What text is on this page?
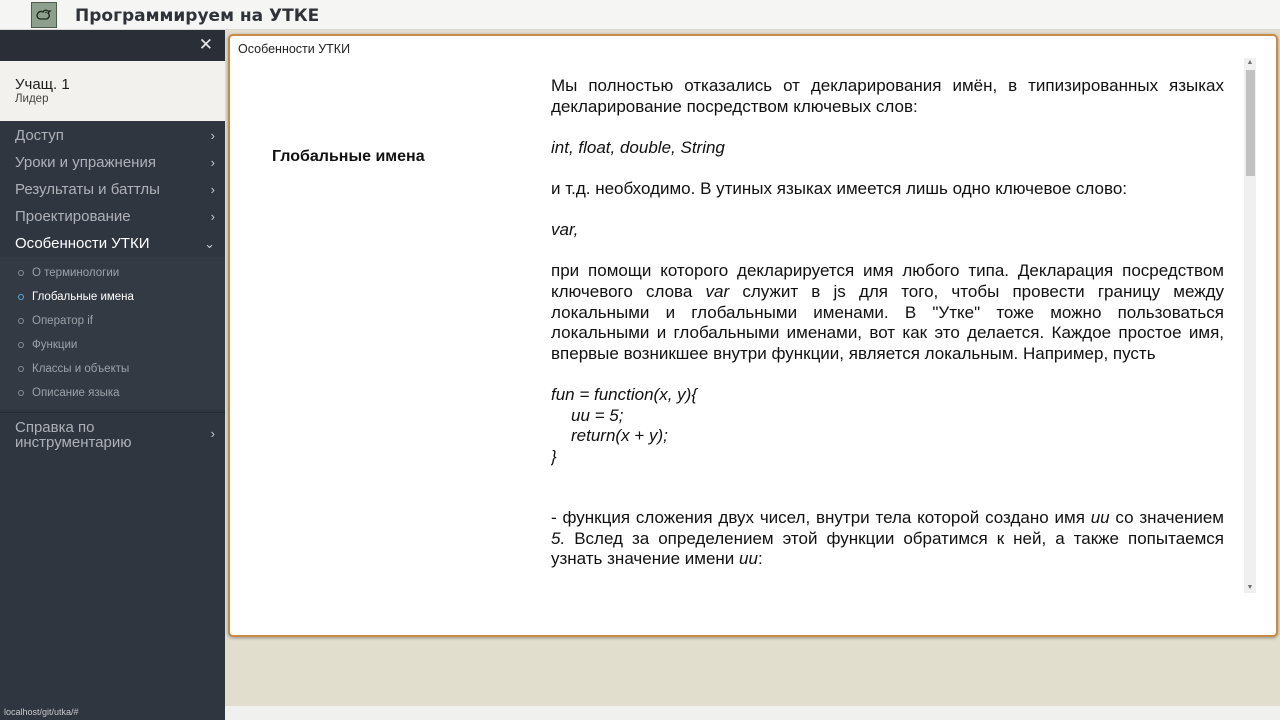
Программируем на УТКЕ
✕
Учащ. 1
Лидер
Доступ	›
Уроки и упражнения	›
Результаты и баттлы	›
Проектирование	›
Особенности УТКИ	⌄
О терминологии
Глобальные имена
Оператор if
Функции
Классы и объекты
Описание языка
Справка по инструментарию
›
localhost/git/utka/#
Особенности УТКИ
Глобальные имена

Мы полностью отказались от декларирования имён, в типизированных языках декларирование посредством ключевых слов:

int, float, double, String

и т.д. необходимо. В утиных языках имеется лишь одно ключевое слово:

var,

при помощи которого декларируется имя любого типа. Декларация посредством ключевого слова var служит в js для того, чтобы провести границу между локальными и глобальными именами. В "Утке" тоже можно пользоваться локальными и глобальными именами, вот как это делается. Каждое простое имя, впервые возникшее внутри функции, является локальным. Например, пусть

fun = function(x, y){
uu = 5;
return(x + y);
}

- функция сложения двух чисел, внутри тела которой создано имя uu со значением 5. Вслед за определением этой функции обратимся к ней, а также попытаемся узнать значение имени uu:

▲
▼
